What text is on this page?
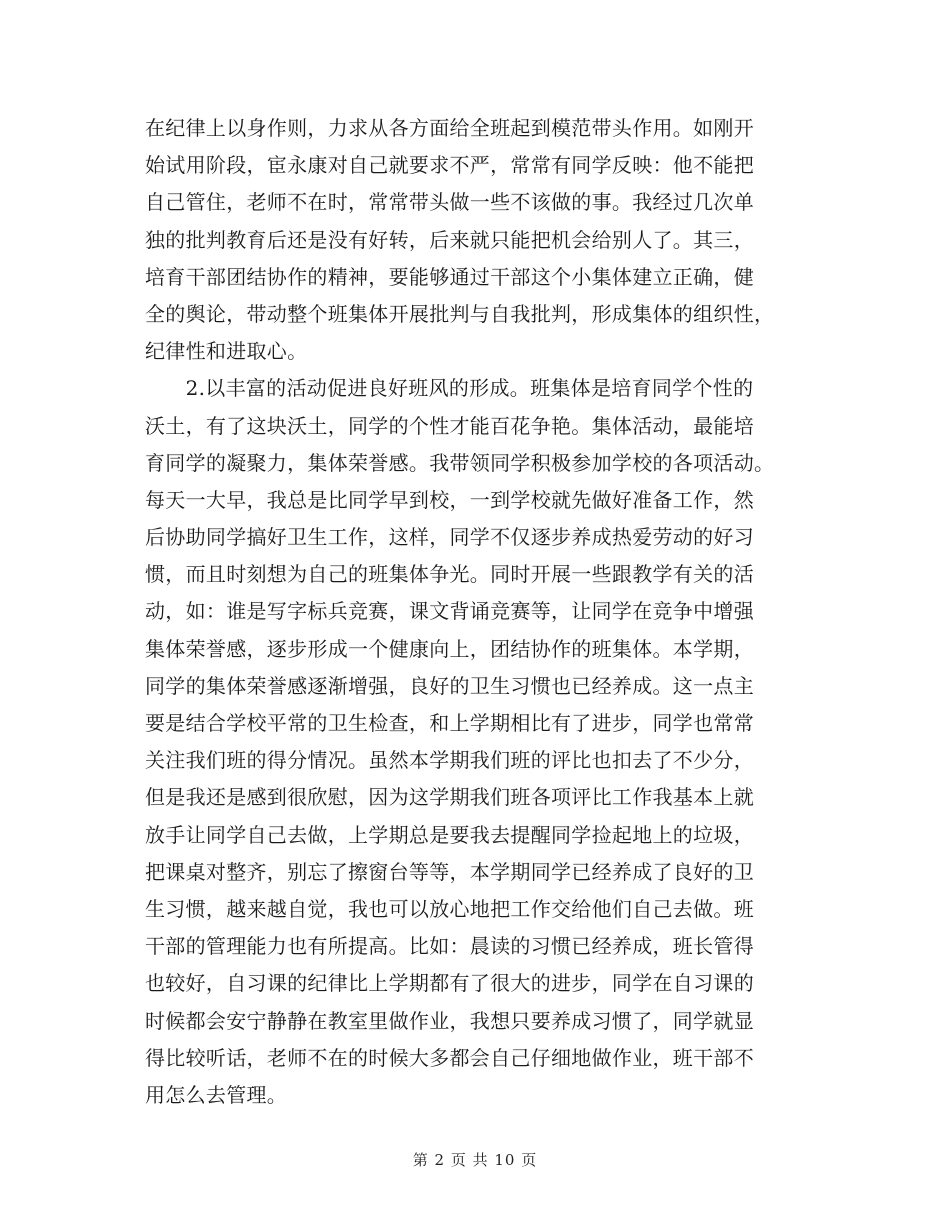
在纪律上以身作则，力求从各方面给全班起到模范带头作用。如刚开
始试用阶段，宦永康对自己就要求不严，常常有同学反映：他不能把
自己管住，老师不在时，常常带头做一些不该做的事。我经过几次单
独的批判教育后还是没有好转，后来就只能把机会给别人了。其三，
培育干部团结协作的精神，要能够通过干部这个小集体建立正确，健
全的舆论，带动整个班集体开展批判与自我批判，形成集体的组织性，
纪律性和进取心。
　　2.以丰富的活动促进良好班风的形成。班集体是培育同学个性的
沃土，有了这块沃土，同学的个性才能百花争艳。集体活动，最能培
育同学的凝聚力，集体荣誉感。我带领同学积极参加学校的各项活动。
每天一大早，我总是比同学早到校，一到学校就先做好准备工作，然
后协助同学搞好卫生工作，这样，同学不仅逐步养成热爱劳动的好习
惯，而且时刻想为自己的班集体争光。同时开展一些跟教学有关的活
动，如：谁是写字标兵竞赛，课文背诵竞赛等，让同学在竞争中增强
集体荣誉感，逐步形成一个健康向上，团结协作的班集体。本学期，
同学的集体荣誉感逐渐增强，良好的卫生习惯也已经养成。这一点主
要是结合学校平常的卫生检查，和上学期相比有了进步，同学也常常
关注我们班的得分情况。虽然本学期我们班的评比也扣去了不少分，
但是我还是感到很欣慰，因为这学期我们班各项评比工作我基本上就
放手让同学自己去做，上学期总是要我去提醒同学捡起地上的垃圾，
把课桌对整齐，别忘了擦窗台等等，本学期同学已经养成了良好的卫
生习惯，越来越自觉，我也可以放心地把工作交给他们自己去做。班
干部的管理能力也有所提高。比如：晨读的习惯已经养成，班长管得
也较好，自习课的纪律比上学期都有了很大的进步，同学在自习课的
时候都会安宁静静在教室里做作业，我想只要养成习惯了，同学就显
得比较听话，老师不在的时候大多都会自己仔细地做作业，班干部不
用怎么去管理。
第 2 页 共 10 页
